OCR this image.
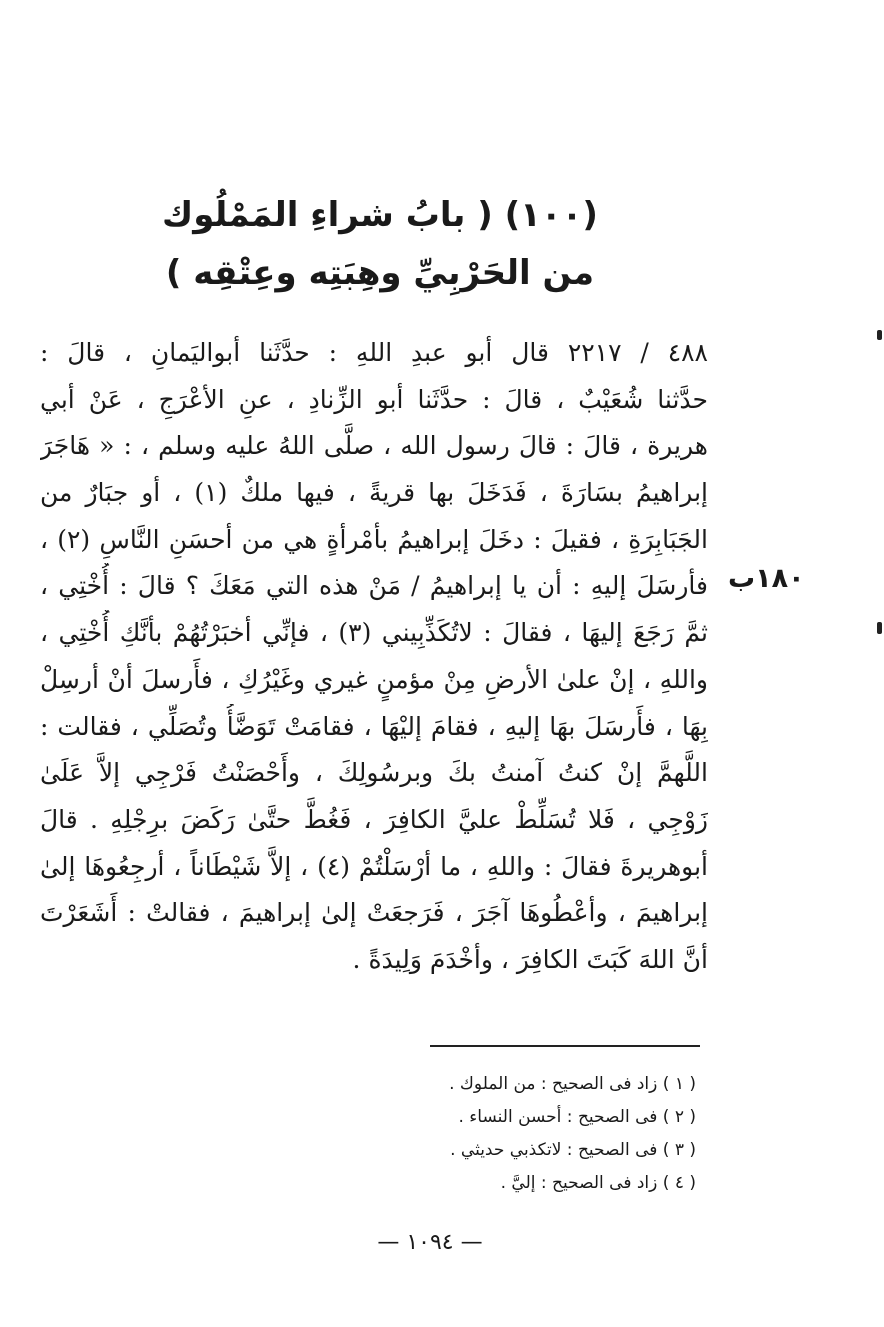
(١٠٠) ( بابُ شراءِ المَمْلُوك
من الحَرْبِيِّ وهِبَتِه وعِتْقِه )
٤٨٨ / ٢٢١٧ قال أبو عبدِ اللهِ : حدَّثَنا أبواليَمانِ ، قالَ :
حدَّثنا شُعَيْبٌ ، قالَ : حدَّثَنا أبو الزِّنادِ ، عنِ الأعْرَجِ ، عَنْ أبي
هريرة ، قالَ : قالَ رسول الله ، صلَّى اللهُ عليه وسلم ، : « هَاجَرَ
إبراهيمُ بسَارَةَ ، فَدَخَلَ بها قريةً ، فيها ملكٌ (١) ، أو جبَارٌ من
الجَبَابِرَةِ ، فقيلَ : دخَلَ إبراهيمُ بأمْرأةٍ هي من أحسَنِ النَّاسِ (٢) ،
فأرسَلَ إليهِ : أن يا إبراهيمُ / مَنْ هذه التي مَعَكَ ؟ قالَ : أُخْتِي ،
ثمَّ رَجَعَ إليهَا ، فقالَ : لاتُكَذِّبِيني (٣) ، فإنِّي أخبَرْتُهُمْ بأنَّكِ أُخْتِي ،
واللهِ ، إنْ علىٰ الأرضِ مِنْ مؤمنٍ غيري وغَيْرُكِ ، فأَرسلَ أنْ أرسِلْ
بِهَا ، فأَرسَلَ بهَا إليهِ ، فقامَ إليْهَا ، فقامَتْ تَوَضَّأُ وتُصَلِّي ، فقالت :
اللَّهمَّ إنْ كنتُ آمنتُ بكَ وبرسُولِكَ ، وأَحْصَنْتُ فَرْجِي إلاَّ عَلَىٰ
زَوْجِي ، فَلا تُسَلِّطْ عليَّ الكافِرَ ، فَغُطَّ حتَّىٰ رَكَضَ برِجْلِهِ . قالَ
أبوهريرةَ فقالَ : واللهِ ، ما أرْسَلْتُمْ (٤) ، إلاَّ شَيْطَاناً ، أرجِعُوهَا إلىٰ
إبراهيمَ ، وأعْطُوهَا آجَرَ ، فَرَجعَتْ إلىٰ إبراهيمَ ، فقالتْ : أَشَعَرْتَ
أنَّ اللهَ كَبَتَ الكافِرَ ، وأخْدَمَ وَلِيدَةً .
١٨٠ب
( ١ ) زاد فى الصحيح : من الملوك .
( ٢ ) فى الصحيح : أحسن النساء .
( ٣ ) فى الصحيح : لاتكذبي حديثي .
( ٤ ) زاد فى الصحيح : إليَّ .
— ١٠٩٤ —
